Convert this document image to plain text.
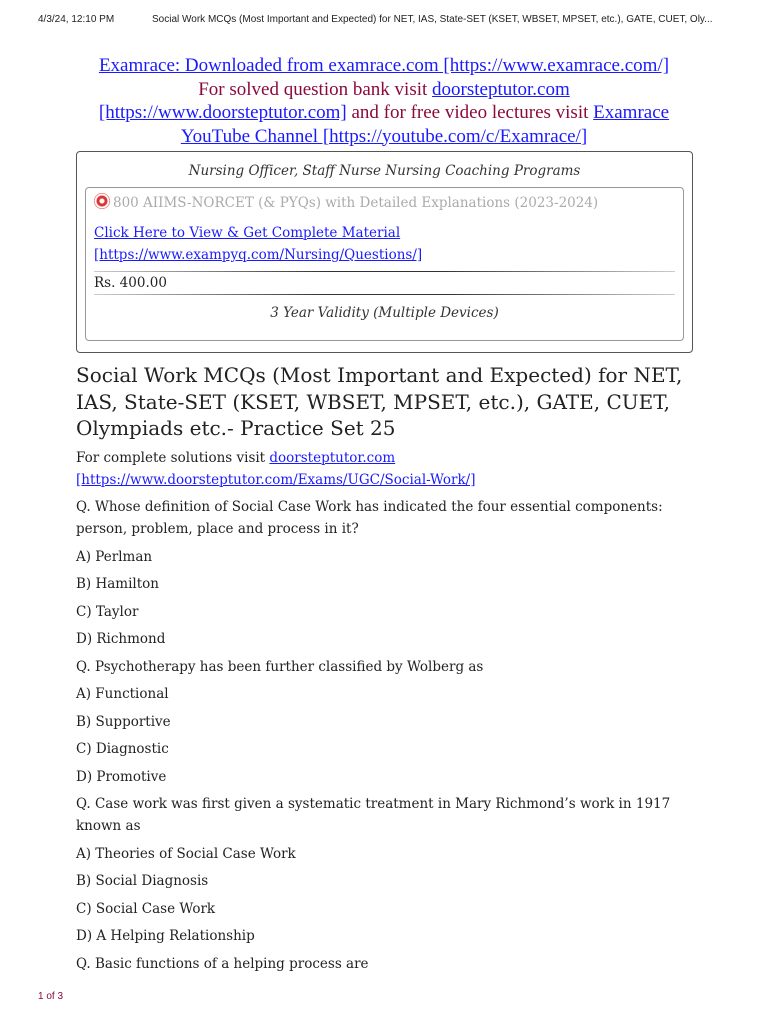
4/3/24, 12:10 PM	Social Work MCQs (Most Important and Expected) for NET, IAS, State-SET (KSET, WBSET, MPSET, etc.), GATE, CUET, Oly...
Examrace: Downloaded from examrace.com [https://www.examrace.com/]
For solved question bank visit doorsteptutor.com
[https://www.doorsteptutor.com] and for free video lectures visit Examrace YouTube Channel [https://youtube.com/c/Examrace/]
Nursing Officer, Staff Nurse Nursing Coaching Programs
800 AIIMS-NORCET (& PYQs) with Detailed Explanations (2023-2024)
Click Here to View & Get Complete Material
[https://www.exampyq.com/Nursing/Questions/]
Rs. 400.00
3 Year Validity (Multiple Devices)
Social Work MCQs (Most Important and Expected) for NET, IAS, State-SET (KSET, WBSET, MPSET, etc.), GATE, CUET, Olympiads etc.- Practice Set 25

For complete solutions visit doorsteptutor.com
[https://www.doorsteptutor.com/Exams/UGC/Social-Work/]

Q. Whose definition of Social Case Work has indicated the four essential components: person, problem, place and process in it?

A) Perlman

B) Hamilton

C) Taylor

D) Richmond

Q. Psychotherapy has been further classified by Wolberg as

A) Functional

B) Supportive

C) Diagnostic

D) Promotive

Q. Case work was first given a systematic treatment in Mary Richmond’s work in 1917 known as

A) Theories of Social Case Work

B) Social Diagnosis

C) Social Case Work

D) A Helping Relationship

Q. Basic functions of a helping process are

1 of 3
